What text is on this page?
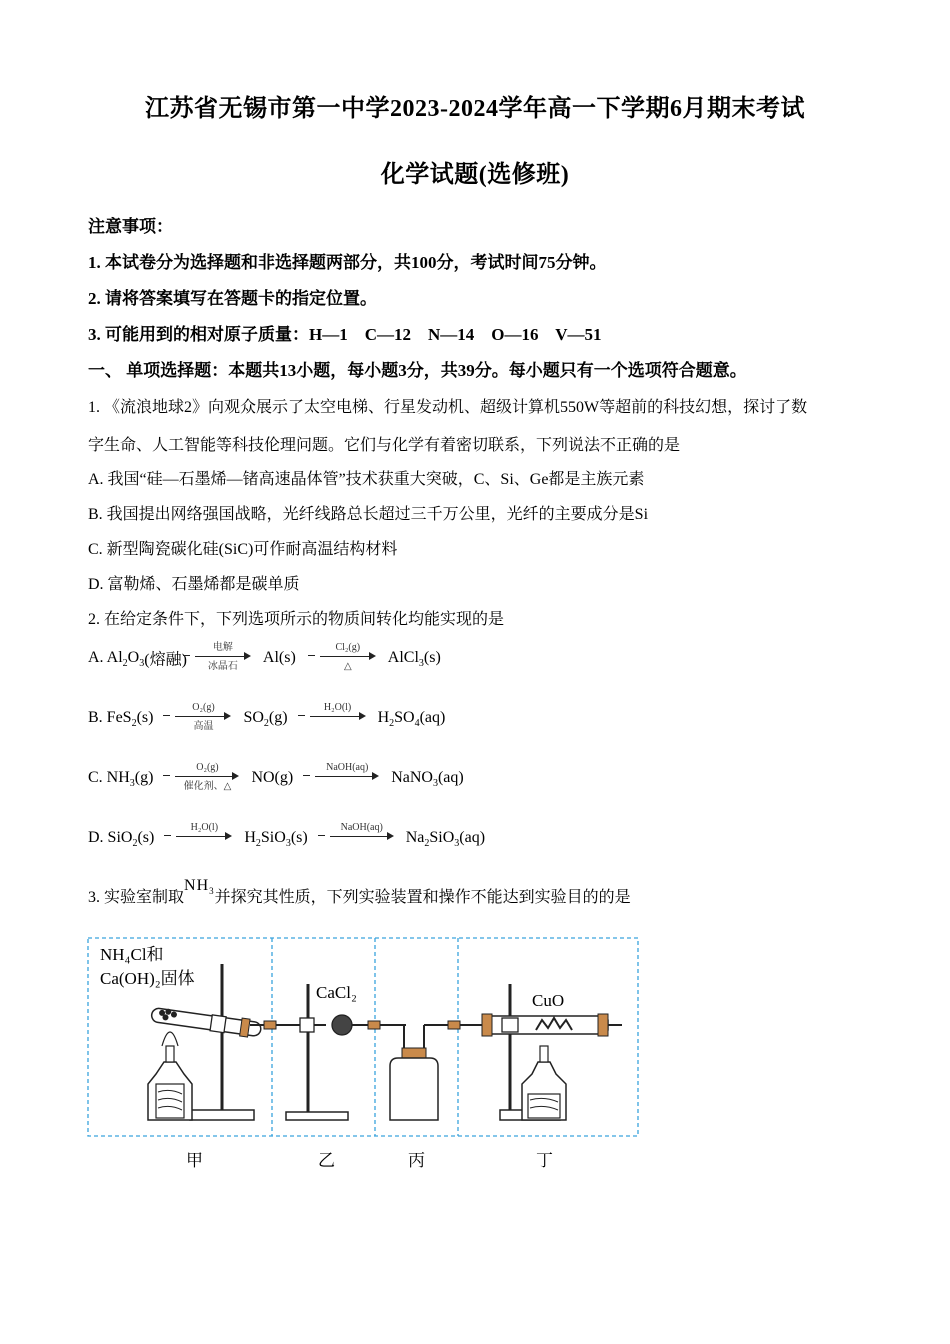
江苏省无锡市第一中学2023-2024学年高一下学期6月期末考试
化学试题(选修班)
注意事项：
1. 本试卷分为选择题和非选择题两部分，共100分，考试时间75分钟。
2. 请将答案填写在答题卡的指定位置。
3. 可能用到的相对原子质量：H—1    C—12    N—14    O—16    V—51
一、 单项选择题：本题共13小题，每小题3分，共39分。每小题只有一个选项符合题意。
1. 《流浪地球2》向观众展示了太空电梯、行星发动机、超级计算机550W等超前的科技幻想，探讨了数
字生命、人工智能等科技伦理问题。它们与化学有着密切联系，下列说法不正确的是
A. 我国“硅—石墨烯—锗高速晶体管”技术获重大突破，C、Si、Ge都是主族元素
B. 我国提出网络强国战略，光纤线路总长超过三千万公里，光纤的主要成分是Si
C. 新型陶瓷碳化硅(SiC)可作耐高温结构材料
D. 富勒烯、石墨烯都是碳单质
2. 在给定条件下，下列选项所示的物质间转化均能实现的是
A. $Al_2O_3$(熔融)
电解
冰晶石
Al(s)
Cl₂(g)
△
AlCl$_3$(s)
B. FeS$_2$(s)
O₂(g)
高温
$SO_2(g)$
H₂O(l)
$H_2SO_4(aq)$
C. $NH_3(g)$
O₂(g)
催化剂、△
NO(g)
NaOH(aq)
NaNO$_3$(aq)
D. SiO$_2$(s)
H₂O(l)
$H_2SiO_3(s)$
NaOH(aq)
$Na_2SiO_3(aq)$
3. 实验室制取$NH_3$并探究其性质，下列实验装置和操作不能达到实验目的的是
NH₄Cl和
Ca(OH)₂固体
CaCl₂	CuO
甲	乙	丙	丁
